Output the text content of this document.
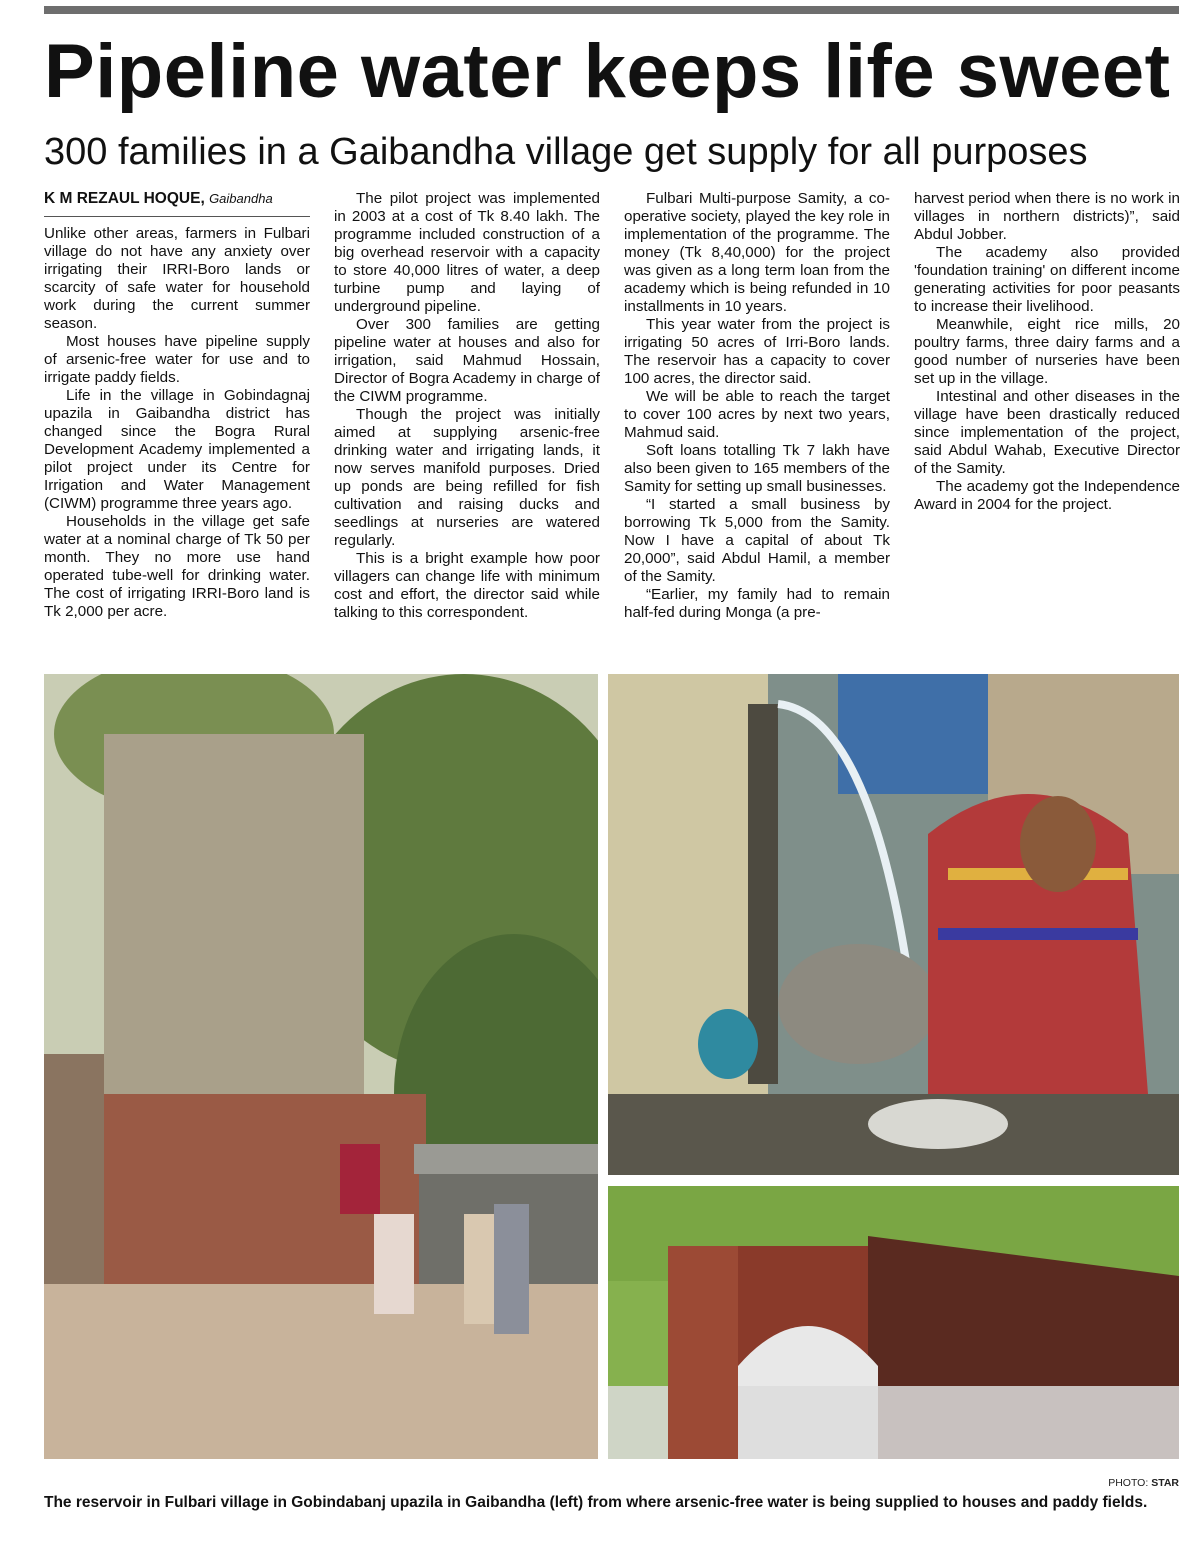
Pipeline water keeps life sweet
300 families in a Gaibandha village get supply for all purposes
K M REZAUL HOQUE, Gaibandha

Unlike other areas, farmers in Fulbari village do not have any anxiety over irrigating their IRRI-Boro lands or scarcity of safe water for household work during the current summer season.

Most houses have pipeline supply of arsenic-free water for use and to irrigate paddy fields.

Life in the village in Gobindagnaj upazila in Gaibandha district has changed since the Bogra Rural Development Academy implemented a pilot project under its Centre for Irrigation and Water Management (CIWM) programme three years ago.

Households in the village get safe water at a nominal charge of Tk 50 per month. They no more use hand operated tube-well for drinking water. The cost of irrigating IRRI-Boro land is Tk 2,000 per acre.

The pilot project was implemented in 2003 at a cost of Tk 8.40 lakh. The programme included construction of a big overhead reservoir with a capacity to store 40,000 litres of water, a deep turbine pump and laying of underground pipeline.

Over 300 families are getting pipeline water at houses and also for irrigation, said Mahmud Hossain, Director of Bogra Academy in charge of the CIWM programme.

Though the project was initially aimed at supplying arsenic-free drinking water and irrigating lands, it now serves manifold purposes. Dried up ponds are being refilled for fish cultivation and raising ducks and seedlings at nurseries are watered regularly.

This is a bright example how poor villagers can change life with minimum cost and effort, the director said while talking to this correspondent.

Fulbari Multi-purpose Samity, a co-operative society, played the key role in implementation of the programme. The money (Tk 8,40,000) for the project was given as a long term loan from the academy which is being refunded in 10 installments in 10 years.

This year water from the project is irrigating 50 acres of Irri-Boro lands. The reservoir has a capacity to cover 100 acres, the director said.

We will be able to reach the target to cover 100 acres by next two years, Mahmud said.

Soft loans totalling Tk 7 lakh have also been given to 165 members of the Samity for setting up small businesses.

“I started a small business by borrowing Tk 5,000 from the Samity. Now I have a capital of about Tk 20,000”, said Abdul Hamil, a member of the Samity.

“Earlier, my family had to remain half-fed during Monga (a pre-

harvest period when there is no work in villages in northern districts)”, said Abdul Jobber.

The academy also provided 'foundation training' on different income generating activities for poor peasants to increase their livelihood.

Meanwhile, eight rice mills, 20 poultry farms, three dairy farms and a good number of nurseries have been set up in the village.

Intestinal and other diseases in the village have been drastically reduced since implementation of the project, said Abdul Wahab, Executive Director of the Samity.

The academy got the Independence Award in 2004 for the project.

PHOTO: STAR
The reservoir in Fulbari village in Gobindabanj upazila in Gaibandha (left) from where arsenic-free water is being supplied to houses and paddy fields.
